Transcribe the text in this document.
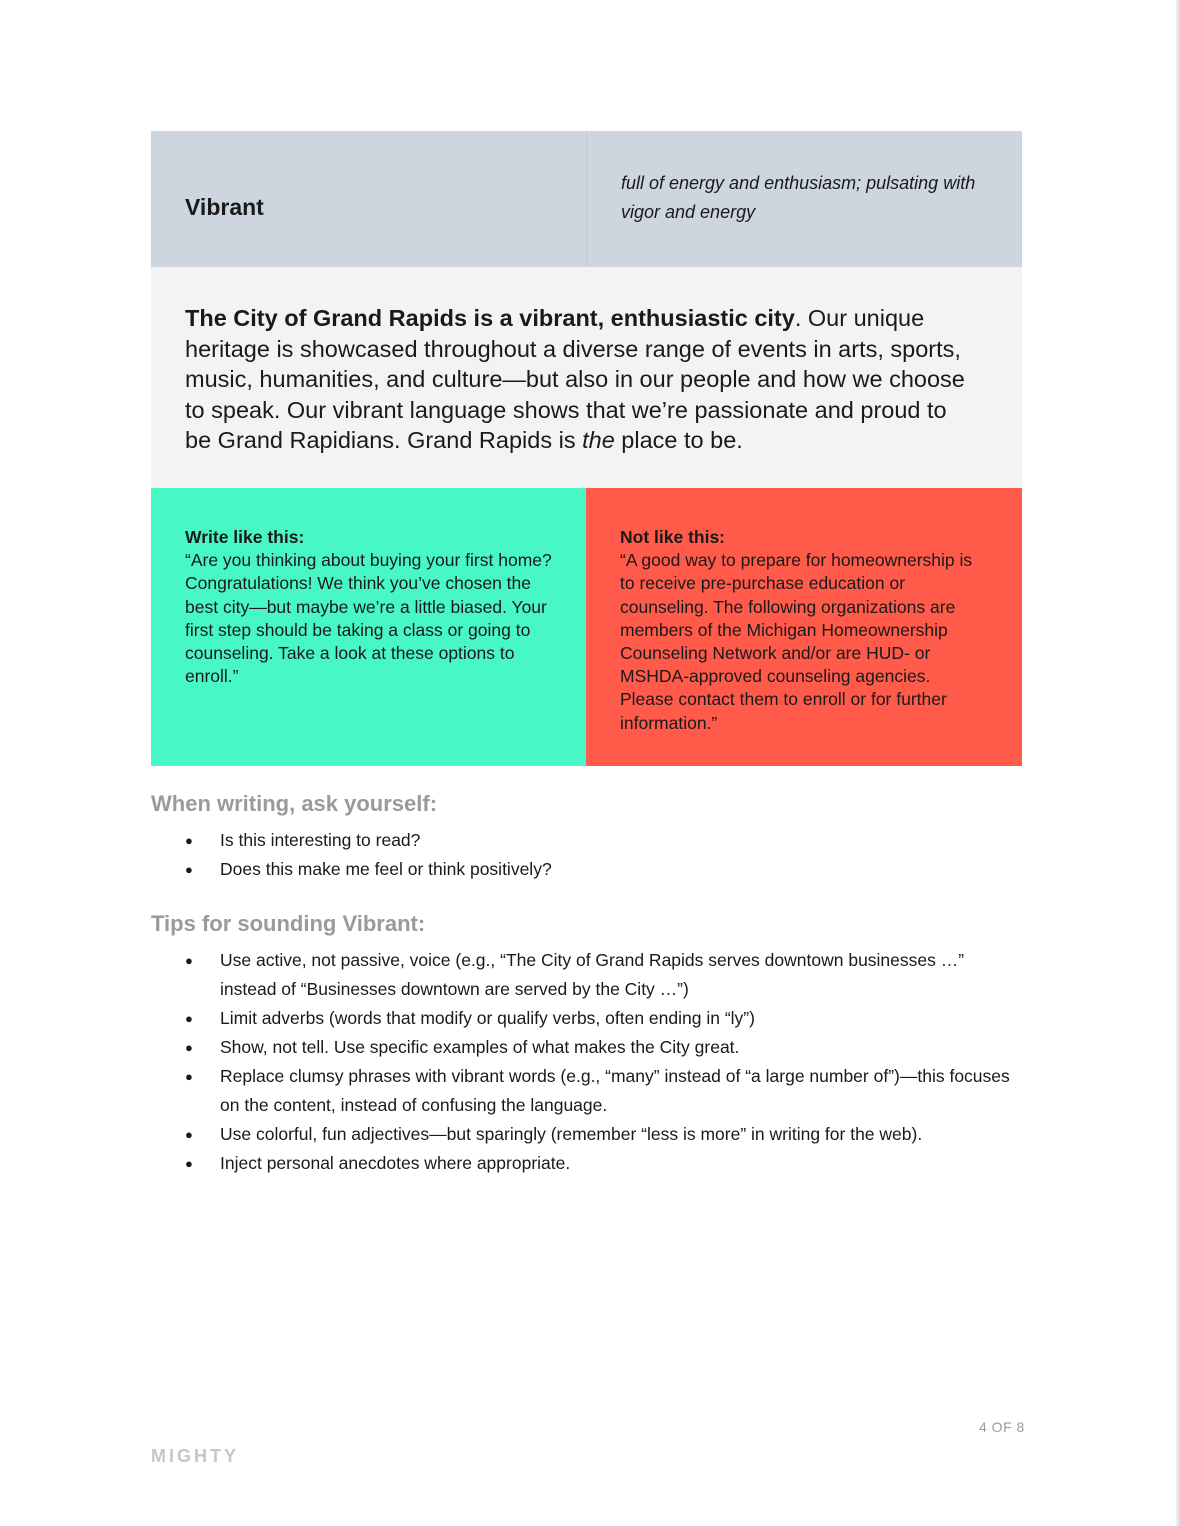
Vibrant
full of energy and enthusiasm; pulsating with vigor and energy

The City of Grand Rapids is a vibrant, enthusiastic city. Our unique heritage is showcased throughout a diverse range of events in arts, sports, music, humanities, and culture—but also in our people and how we choose to speak. Our vibrant language shows that we’re passionate and proud to be Grand Rapidians. Grand Rapids is the place to be.

Write like this:
“Are you thinking about buying your first home? Congratulations! We think you’ve chosen the best city—but maybe we’re a little biased. Your first step should be taking a class or going to counseling. Take a look at these options to enroll.”
Not like this:
“A good way to prepare for homeownership is to receive pre-purchase education or counseling. The following organizations are members of the Michigan Homeownership Counseling Network and/or are HUD- or MSHDA-approved counseling agencies. Please contact them to enroll or for further information.”
When writing, ask yourself:
● Is this interesting to read?
● Does this make me feel or think positively?
Tips for sounding Vibrant:
● Use active, not passive, voice (e.g., “The City of Grand Rapids serves downtown businesses …” instead of “Businesses downtown are served by the City …”)
● Limit adverbs (words that modify or qualify verbs, often ending in “ly”)
● Show, not tell. Use specific examples of what makes the City great.
● Replace clumsy phrases with vibrant words (e.g., “many” instead of “a large number of”)—this focuses on the content, instead of confusing the language.
● Use colorful, fun adjectives—but sparingly (remember “less is more” in writing for the web).
● Inject personal anecdotes where appropriate.
4 OF 8
MIGHTY
